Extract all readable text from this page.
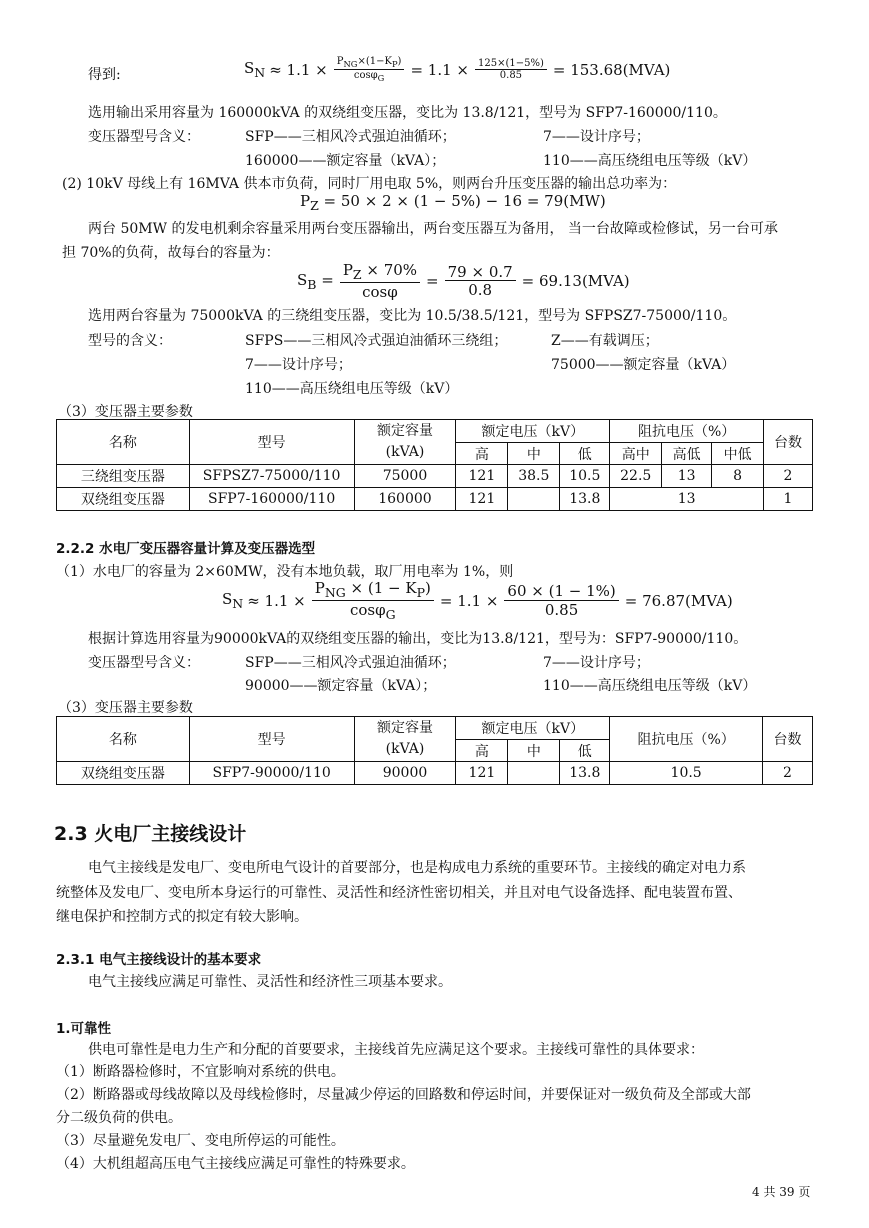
得到:	$S_N \approx 1.1 \times \frac{P_{NG}\times(1-K_P)}{\cos\varphi_G} = 1.1 \times \frac{125\times(1-5\%)}{0.85} = 153.68(MVA)$
选用输出采用容量为 160000kVA 的双绕组变压器，变比为 13.8/121，型号为 SFP7-160000/110。
变压器型号含义：	SFP——三相风冷式强迫油循环；	7——设计序号；
160000——额定容量（kVA）；	110——高压绕组电压等级（kV）
(2) 10kV 母线上有 16MVA 供本市负荷，同时厂用电取 5%，则两台升压变压器的输出总功率为：
$P_Z = 50 \times 2 \times (1 - 5\%) - 16 = 79(MW)$
两台 50MW 的发电机剩余容量采用两台变压器输出，两台变压器互为备用， 当一台故障或检修试，另一台可承
担 70%的负荷，故每台的容量为：
$S_B = \frac{P_Z \times 70\%}{\cos\varphi} = \frac{79 \times 0.7}{0.8} = 69.13(MVA)$
选用两台容量为 75000kVA 的三绕组变压器，变比为 10.5/38.5/121，型号为 SFPSZ7-75000/110。
型号的含义：	SFPS——三相风冷式强迫油循环三绕组；	Z——有载调压；
7——设计序号；	75000——额定容量（kVA）
110——高压绕组电压等级（kV）
（3）变压器主要参数
名称	型号	额定容量
(kVA)	额定电压（kV）			阻抗电压（%）			台数
			高	中	低	高中	高低	中低	
三绕组变压器	SFPSZ7-75000/110	75000	121	38.5	10.5	22.5	13	8	2
双绕组变压器	SFP7-160000/110	160000	121		13.8	13			1
2.2.2 水电厂变压器容量计算及变压器选型
（1）水电厂的容量为 2×60MW，没有本地负载，取厂用电率为 1%，则
$S_N \approx 1.1 \times \frac{P_{NG} \times (1 - K_P)}{\cos\varphi_G} = 1.1 \times \frac{60 \times (1 - 1\%)}{0.85} = 76.87(MVA)$
根据计算选用容量为90000kVA的双绕组变压器的输出，变比为13.8/121，型号为：SFP7-90000/110。
变压器型号含义：	SFP——三相风冷式强迫油循环；	7——设计序号；
90000——额定容量（kVA）；	110——高压绕组电压等级（kV）
（3）变压器主要参数
名称	型号	额定容量
(kVA)	额定电压（kV）			阻抗电压（%）	台数
			高	中	低		
双绕组变压器	SFP7-90000/110	90000	121		13.8	10.5	2
2.3 火电厂主接线设计
电气主接线是发电厂、变电所电气设计的首要部分，也是构成电力系统的重要环节。主接线的确定对电力系
统整体及发电厂、变电所本身运行的可靠性、灵活性和经济性密切相关，并且对电气设备选择、配电装置布置、
继电保护和控制方式的拟定有较大影响。
2.3.1 电气主接线设计的基本要求
电气主接线应满足可靠性、灵活性和经济性三项基本要求。
1.可靠性
供电可靠性是电力生产和分配的首要要求，主接线首先应满足这个要求。主接线可靠性的具体要求：
（1）断路器检修时，不宜影响对系统的供电。
（2）断路器或母线故障以及母线检修时，尽量减少停运的回路数和停运时间，并要保证对一级负荷及全部或大部
分二级负荷的供电。
（3）尽量避免发电厂、变电所停运的可能性。
（4）大机组超高压电气主接线应满足可靠性的特殊要求。
4 共 39 页
